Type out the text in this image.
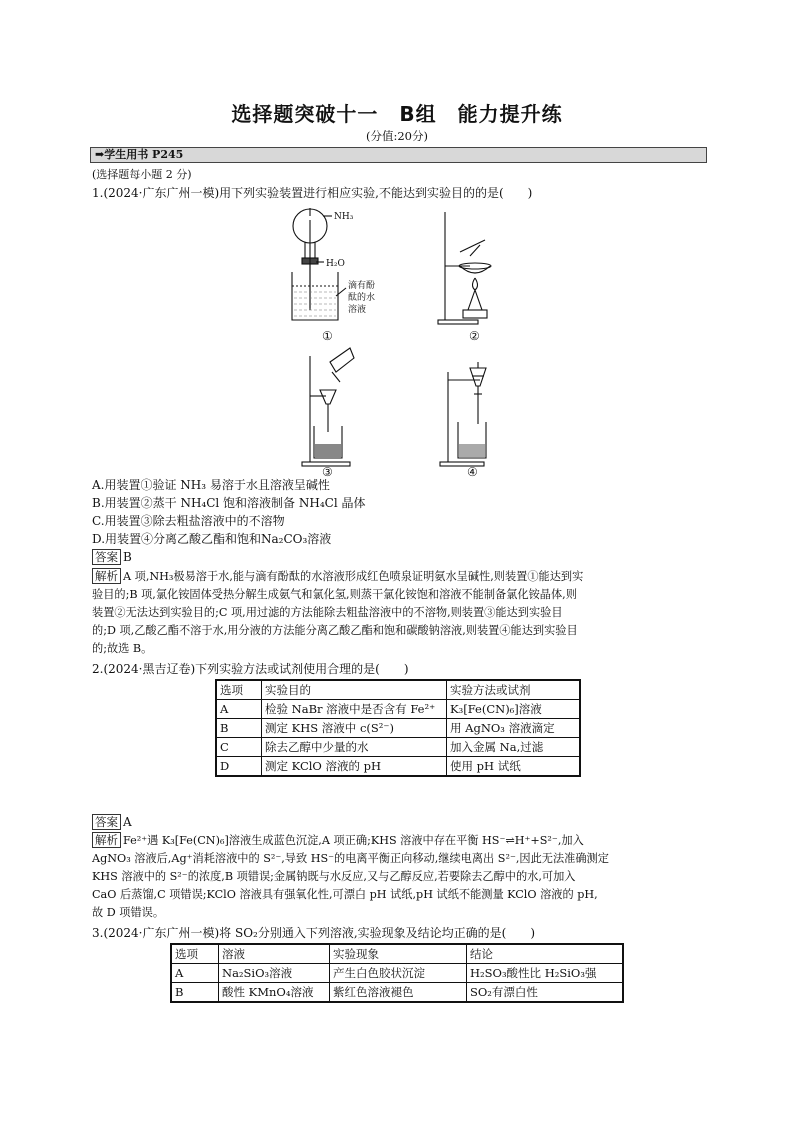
选择题突破十一　B组　能力提升练
(分值:20分)
➡学生用书 P245
(选择题每小题 2 分)
1.(2024·广东广州一模)用下列实验装置进行相应实验,不能达到实验目的的是(　　)
NH₃
H₂O
滴有酚
酞的水
溶液
①	②
③	④
A.用装置①验证 NH₃ 易溶于水且溶液呈碱性
B.用装置②蒸干 NH₄Cl 饱和溶液制备 NH₄Cl 晶体
C.用装置③除去粗盐溶液中的不溶物
D.用装置④分离乙酸乙酯和饱和Na₂CO₃溶液
答案 B
解析 A 项,NH₃极易溶于水,能与滴有酚酞的水溶液形成红色喷泉证明氨水呈碱性,则装置①能达到实
验目的;B 项,氯化铵固体受热分解生成氨气和氯化氢,则蒸干氯化铵饱和溶液不能制备氯化铵晶体,则
装置②无法达到实验目的;C 项,用过滤的方法能除去粗盐溶液中的不溶物,则装置③能达到实验目
的;D 项,乙酸乙酯不溶于水,用分液的方法能分离乙酸乙酯和饱和碳酸钠溶液,则装置④能达到实验目
的;故选 B。
2.(2024·黑吉辽卷)下列实验方法或试剂使用合理的是(　　)
选项	实验目的	实验方法或试剂
A	检验 NaBr 溶液中是否含有 Fe²⁺	K₃[Fe(CN)₆]溶液
B	测定 KHS 溶液中 c(S²⁻)	用 AgNO₃ 溶液滴定
C	除去乙醇中少量的水	加入金属 Na,过滤
D	测定 KClO 溶液的 pH	使用 pH 试纸
答案 A
解析 Fe²⁺遇 K₃[Fe(CN)₆]溶液生成蓝色沉淀,A 项正确;KHS 溶液中存在平衡 HS⁻⇌H⁺+S²⁻,加入
AgNO₃ 溶液后,Ag⁺消耗溶液中的 S²⁻,导致 HS⁻的电离平衡正向移动,继续电离出 S²⁻,因此无法准确测定
KHS 溶液中的 S²⁻的浓度,B 项错误;金属钠既与水反应,又与乙醇反应,若要除去乙醇中的水,可加入
CaO 后蒸馏,C 项错误;KClO 溶液具有强氧化性,可漂白 pH 试纸,pH 试纸不能测量 KClO 溶液的 pH,
故 D 项错误。
3.(2024·广东广州一模)将 SO₂分别通入下列溶液,实验现象及结论均正确的是(　　)
选项	溶液	实验现象	结论
A	Na₂SiO₃溶液	产生白色胶状沉淀	H₂SO₃酸性比 H₂SiO₃强
B	酸性 KMnO₄溶液	紫红色溶液褪色	SO₂有漂白性
